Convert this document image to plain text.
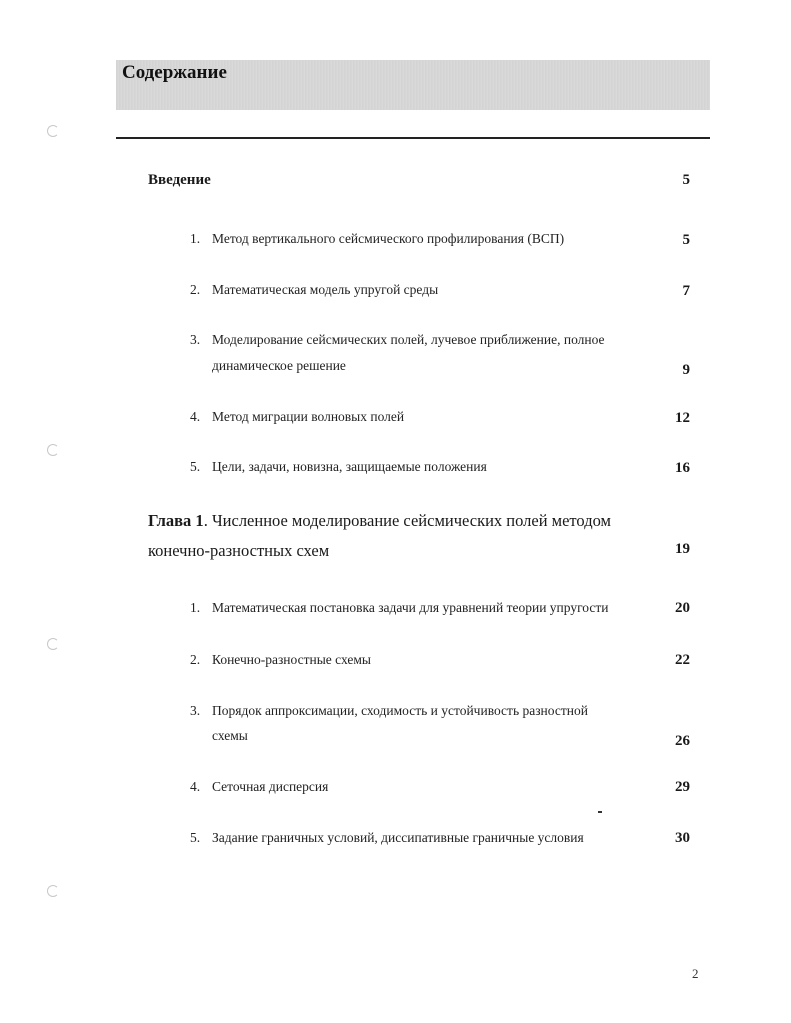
Содержание
Введение	5
1. Метод вертикального сейсмического профилирования (ВСП)	5
2. Математическая модель упругой среды	7
3. Моделирование сейсмических полей, лучевое приближение, полное
динамическое решение	9
4. Метод миграции волновых полей	12
5. Цели, задачи, новизна, защищаемые положения	16
Глава 1. Численное моделирование сейсмических полей методом
конечно-разностных схем	19
1. Математическая постановка задачи для уравнений теории упругости	20
2. Конечно-разностные схемы	22
3. Порядок аппроксимации, сходимость и устойчивость разностной
схемы	26
4. Сеточная дисперсия	29
5. Задание граничных условий, диссипативные граничные условия	30
2
